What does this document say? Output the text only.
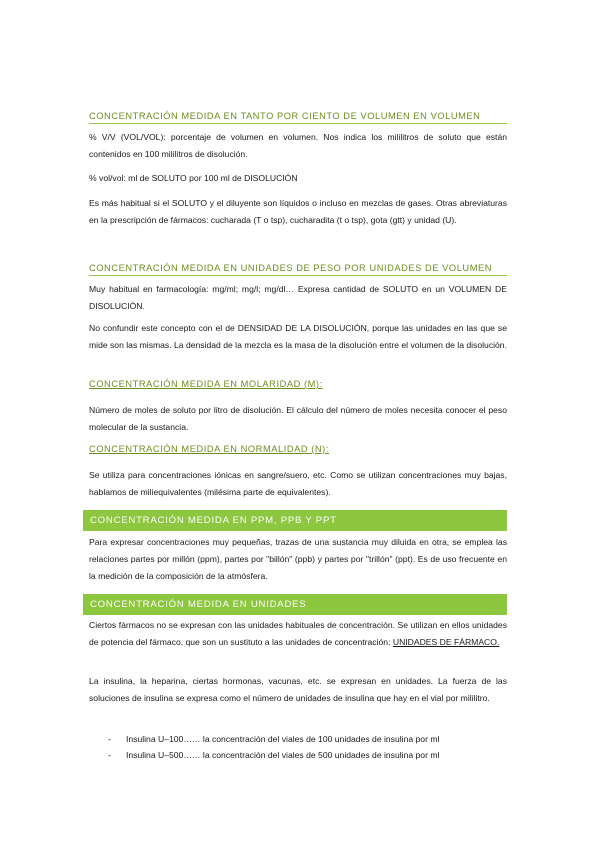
CONCENTRACIÓN MEDIDA EN TANTO POR CIENTO DE VOLUMEN EN VOLUMEN
% V/V (VOL/VOL): porcentaje de volumen en volumen. Nos indica los mililitros de soluto que están contenidos en 100 mililitros de disolución.
% vol/vol: ml de SOLUTO por 100 ml de DISOLUCIÓN
Es más habitual si el SOLUTO y el diluyente son líquidos o incluso en mezclas de gases. Otras abreviaturas en la prescripción de fármacos: cucharada (T o tsp), cucharadita (t o tsp), gota (gtt) y unidad (U).
CONCENTRACIÓN MEDIDA EN UNIDADES DE PESO POR UNIDADES DE VOLUMEN
Muy habitual en farmacología: mg/ml; mg/l; mg/dl… Expresa cantidad de SOLUTO en un VOLUMEN DE DISOLUCIÓN.
No confundir este concepto con el de DENSIDAD DE LA DISOLUCIÓN, porque las unidades en las que se mide son las mismas. La densidad de la mezcla es la masa de la disolución entre el volumen de la disolución.
CONCENTRACIÓN MEDIDA EN MOLARIDAD (M):
Número de moles de soluto por litro de disolución. El cálculo del número de moles necesita conocer el peso molecular de la sustancia.
CONCENTRACIÓN MEDIDA EN NORMALIDAD (N):
Se utiliza para concentraciones iónicas en sangre/suero, etc. Como se utilizan concentraciones muy bajas, hablamos de miliequivalentes (milésima parte de equivalentes).
CONCENTRACIÓN MEDIDA EN PPM, PPB Y PPT
Para expresar concentraciones muy pequeñas, trazas de una sustancia muy diluida en otra, se emplea las relaciones partes por millón (ppm), partes por "billón" (ppb) y partes por "trillón" (ppt). Es de uso frecuente en la medición de la composición de la atmósfera.
CONCENTRACIÓN MEDIDA EN UNIDADES
Ciertos fármacos no se expresan con las unidades habituales de concentración. Se utilizan en ellos unidades de potencia del fármaco, que son un sustituto a las unidades de concentración: UNIDADES DE FÁRMACO.
La insulina, la heparina, ciertas hormonas, vacunas, etc. se expresan en unidades. La fuerza de las soluciones de insulina se expresa como el número de unidades de insulina que hay en el vial por mililitro.
- Insulina U–100…… la concentración del viales de 100 unidades de insulina por ml
- Insulina U–500…… la concentración del viales de 500 unidades de insulina por ml
